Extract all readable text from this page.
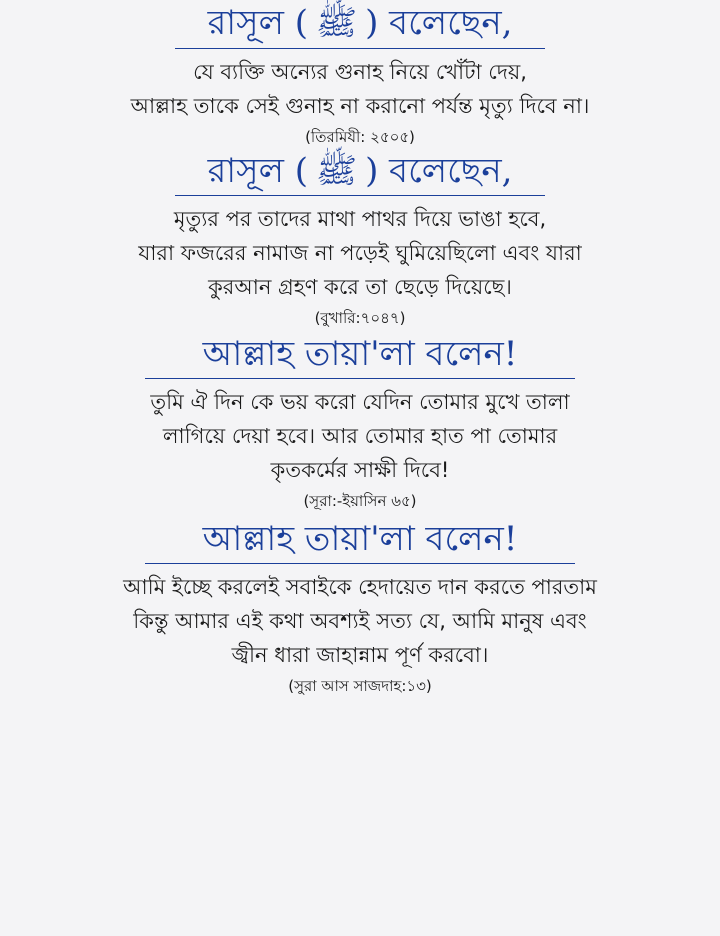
রাসূল ( ﷺ ) বলেছেন,

যে ব্যক্তি অন্যের গুনাহ নিয়ে খোঁটা দেয়,

আল্লাহ তাকে সেই গুনাহ না করানো পর্যন্ত মৃত্যু দিবে না।

(তিরমিযী: ২৫০৫)

রাসূল ( ﷺ ) বলেছেন,

মৃত্যুর পর তাদের মাথা পাথর দিয়ে ভাঙা হবে,

যারা ফজরের নামাজ না পড়েই ঘুমিয়েছিলো এবং যারা

কুরআন গ্রহণ করে তা ছেড়ে দিয়েছে।

(বুখারি:৭০৪৭)

আল্লাহ তায়া'লা বলেন!

তুমি ঐ দিন কে ভয় করো যেদিন তোমার মুখে তালা

লাগিয়ে দেয়া হবে। আর তোমার হাত পা তোমার

কৃতকর্মের সাক্ষী দিবে!

(সূরা:-ইয়াসিন ৬৫)

আল্লাহ তায়া'লা বলেন!

আমি ইচ্ছে করলেই সবাইকে হেদায়েত দান করতে পারতাম

কিন্তু আমার এই কথা অবশ্যই সত্য যে, আমি মানুষ এবং

জ্বীন ধারা জাহান্নাম পূর্ণ করবো।

(সুরা আস সাজদাহ:১৩)
